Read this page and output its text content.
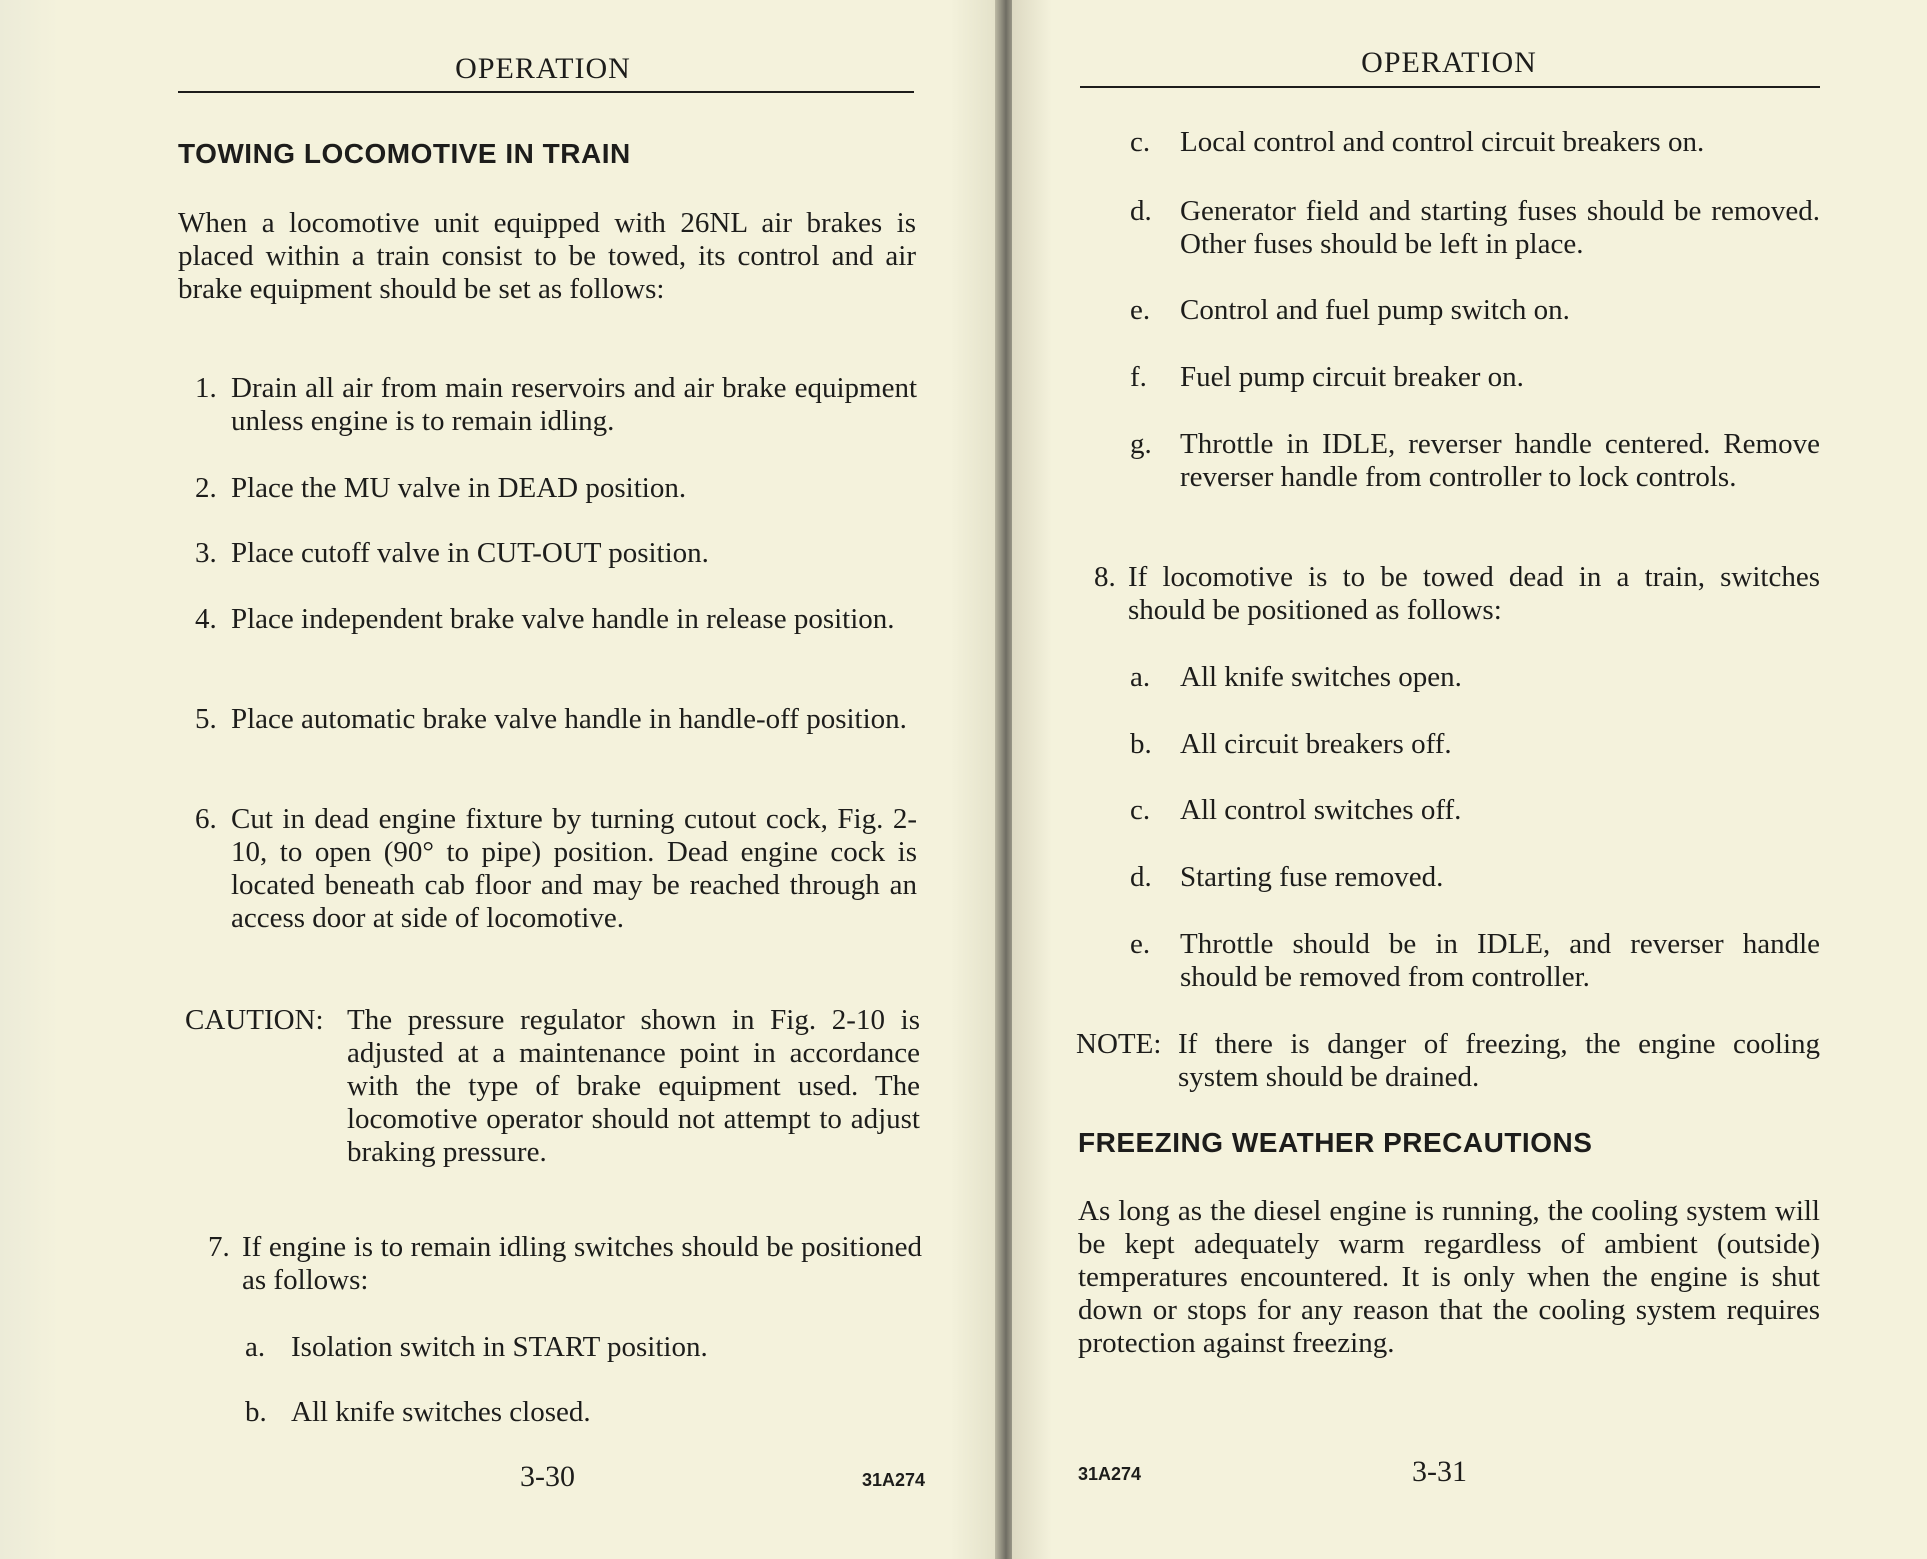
OPERATION
TOWING LOCOMOTIVE IN TRAIN
When a locomotive unit equipped with 26NL air brakes is placed within a train consist to be towed, its control and air brake equipment should be set as follows:
1. Drain all air from main reservoirs and air brake equipment unless engine is to remain idling.
2. Place the MU valve in DEAD position.
3. Place cutoff valve in CUT-OUT position.
4. Place independent brake valve handle in release position.
5. Place automatic brake valve handle in handle-off position.
6. Cut in dead engine fixture by turning cutout cock, Fig. 2-10, to open (90° to pipe) position. Dead engine cock is located beneath cab floor and may be reached through an access door at side of locomotive.
CAUTION: The pressure regulator shown in Fig. 2-10 is adjusted at a maintenance point in accordance with the type of brake equipment used. The locomotive operator should not attempt to adjust braking pressure.
7. If engine is to remain idling switches should be positioned as follows:
a. Isolation switch in START position.
b. All knife switches closed.
3-30	31A274
OPERATION
c.	Local control and control circuit breakers on.
d. Generator field and starting fuses should be removed. Other fuses should be left in place.
e.	Control and fuel pump switch on.
f.	Fuel pump circuit breaker on.
g. Throttle in IDLE, reverser handle centered. Remove reverser handle from controller to lock controls.
8. If locomotive is to be towed dead in a train, switches should be positioned as follows:
a.	All knife switches open.
b. All circuit breakers off.
c.	All control switches off.
d. Starting fuse removed.
e.	Throttle should be in IDLE, and reverser handle should be removed from controller.
NOTE: If there is danger of freezing, the engine cooling system should be drained.
FREEZING WEATHER PRECAUTIONS
As long as the diesel engine is running, the cooling system will be kept adequately warm regardless of ambient (outside) temperatures encountered. It is only when the engine is shut down or stops for any reason that the cooling system requires protection against freezing.
31A274	3-31
